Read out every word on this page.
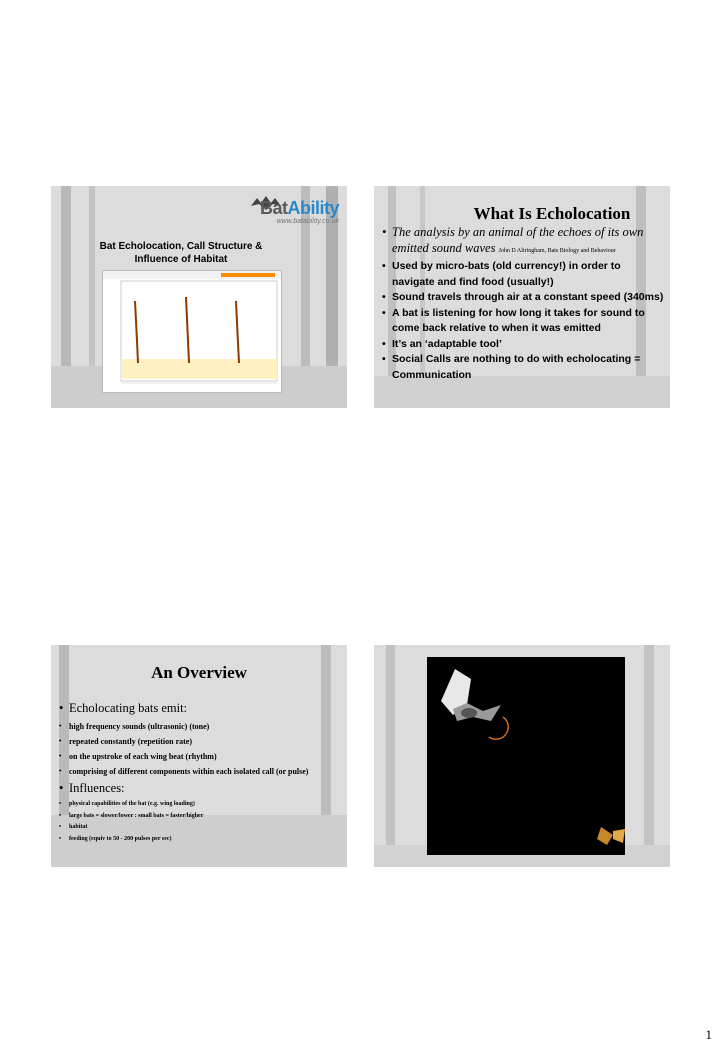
BatAbility
www.batability.co.uk
Bat Echolocation, Call Structure & Influence of Habitat
What Is Echolocation
• The analysis by an animal of the echoes of its own emitted sound waves John D Altringham, Bats Biology and Behaviour
• Used by micro-bats (old currency!) in order to navigate and find food (usually!)
• Sound travels through air at a constant speed (340ms)
• A bat is listening for how long it takes for sound to come back relative to when it was emitted
• It’s an ‘adaptable tool’
• Social Calls are nothing to do with echolocating = Communication
An Overview
• Echolocating bats emit:
• high frequency sounds (ultrasonic) (tone)
• repeated constantly (repetition rate)
• on the upstroke of each wing beat (rhythm)
• comprising of different components within each isolated call (or pulse)
• Influences:
• physical capabilities of the bat (e.g. wing loading)
• large bats = slower/lower : small bats = faster/higher
• habitat
• feeding (equiv to 50 - 200 pulses per sec)
1
